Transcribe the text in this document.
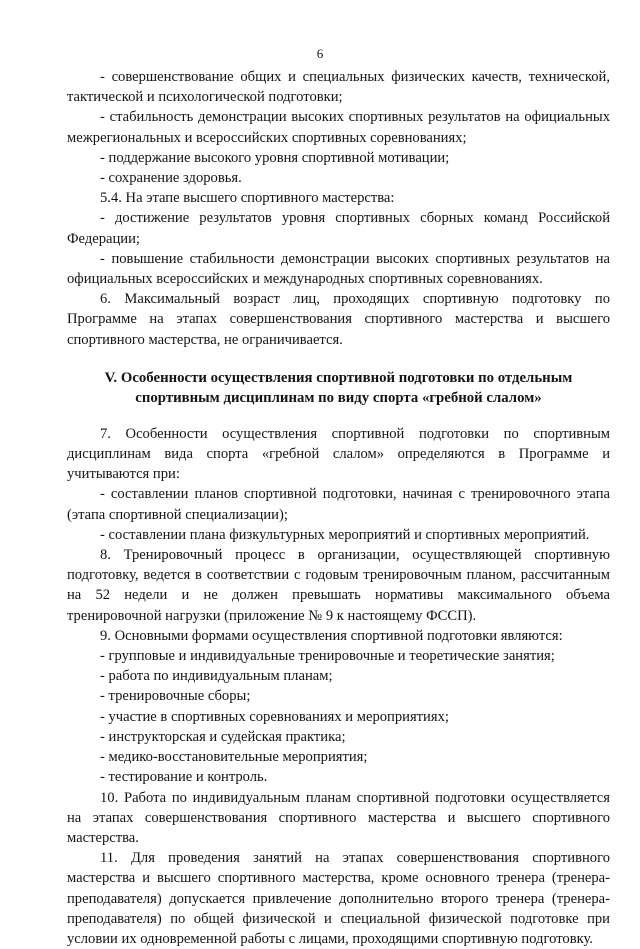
6

- совершенствование общих и специальных физических качеств, технической, тактической и психологической подготовки;

- стабильность демонстрации высоких спортивных результатов на официальных межрегиональных и всероссийских спортивных соревнованиях;

- поддержание высокого уровня спортивной мотивации;

- сохранение здоровья.

5.4. На этапе высшего спортивного мастерства:

- достижение результатов уровня спортивных сборных команд Российской Федерации;

- повышение стабильности демонстрации высоких спортивных результатов на официальных всероссийских и международных спортивных соревнованиях.

6. Максимальный возраст лиц, проходящих спортивную подготовку по Программе на этапах совершенствования спортивного мастерства и высшего спортивного мастерства, не ограничивается.

V. Особенности осуществления спортивной подготовки по отдельным спортивным дисциплинам по виду спорта «гребной слалом»

7. Особенности осуществления спортивной подготовки по спортивным дисциплинам вида спорта «гребной слалом» определяются в Программе и учитываются при:

- составлении планов спортивной подготовки, начиная с тренировочного этапа (этапа спортивной специализации);

- составлении плана физкультурных мероприятий и спортивных мероприятий.

8. Тренировочный процесс в организации, осуществляющей спортивную подготовку, ведется в соответствии с годовым тренировочным планом, рассчитанным на 52 недели и не должен превышать нормативы максимального объема тренировочной нагрузки (приложение № 9 к настоящему ФССП).

9. Основными формами осуществления спортивной подготовки являются:

- групповые и индивидуальные тренировочные и теоретические занятия;

- работа по индивидуальным планам;

- тренировочные сборы;

- участие в спортивных соревнованиях и мероприятиях;

- инструкторская и судейская практика;

- медико-восстановительные мероприятия;

- тестирование и контроль.

10. Работа по индивидуальным планам спортивной подготовки осуществляется на этапах совершенствования спортивного мастерства и высшего спортивного мастерства.

11. Для проведения занятий на этапах совершенствования спортивного мастерства и высшего спортивного мастерства, кроме основного тренера (тренера-преподавателя) допускается привлечение дополнительно второго тренера (тренера-преподавателя) по общей физической и специальной физической подготовке при условии их одновременной работы с лицами, проходящими спортивную подготовку.
